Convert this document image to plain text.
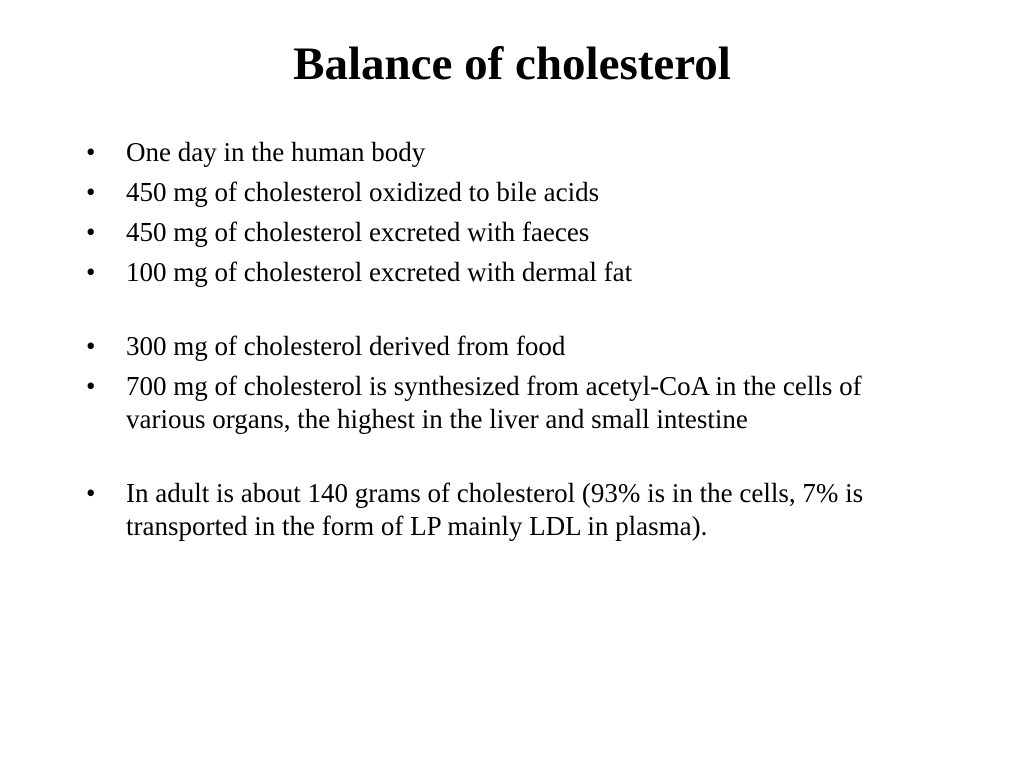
Balance of cholesterol
•	One day in the human body
•	450 mg of cholesterol oxidized to bile acids
•	450 mg of cholesterol excreted with faeces
•	100 mg of cholesterol excreted with dermal fat
•	300 mg of cholesterol derived from food
•	700 mg of cholesterol is synthesized from acetyl-CoA in the cells of various organs, the highest in the liver and small intestine
•	In adult is about 140 grams of cholesterol (93% is in the cells, 7% is transported in the form of LP mainly LDL in plasma).
